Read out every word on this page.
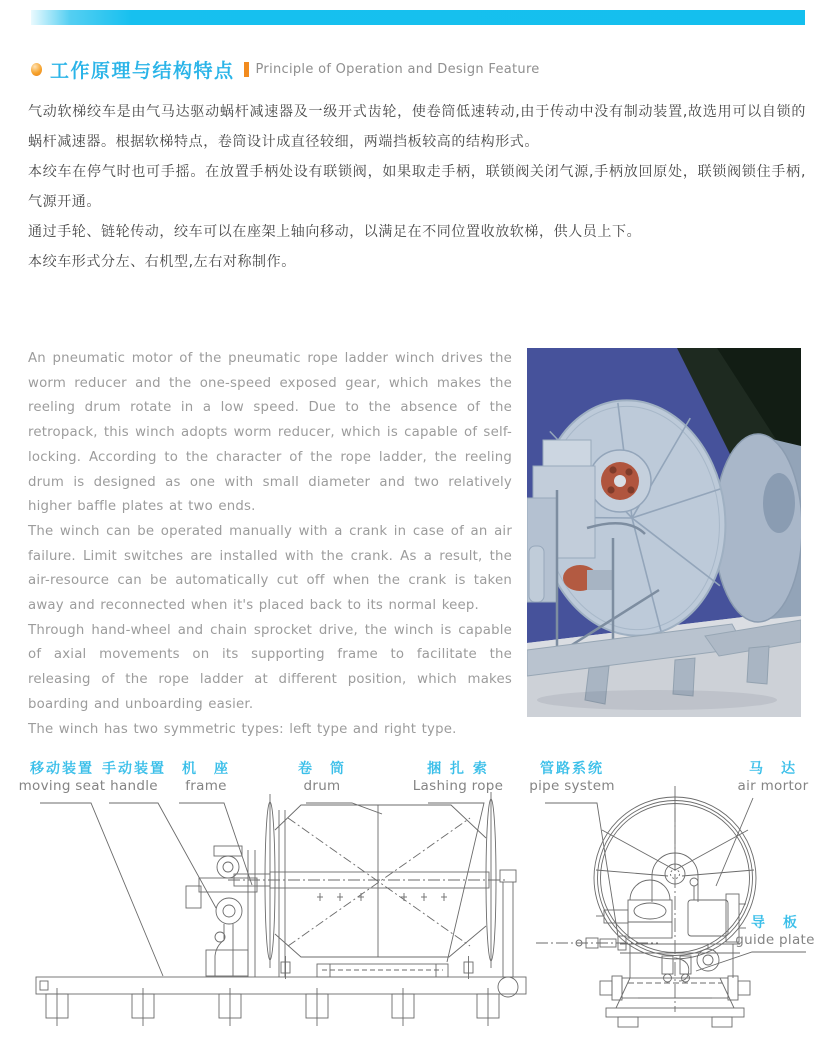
工作原理与结构特点 Principle of Operation and Design Feature

气动软梯绞车是由气马达驱动蜗杆减速器及一级开式齿轮，使卷筒低速转动,由于传动中没有制动装置,故选用可以自锁的蜗杆减速器。根据软梯特点，卷筒设计成直径较细，两端挡板较高的结构形式。

本绞车在停气时也可手摇。在放置手柄处设有联锁阀，如果取走手柄，联锁阀关闭气源,手柄放回原处，联锁阀锁住手柄,气源开通。

通过手轮、链轮传动，绞车可以在座架上轴向移动，以满足在不同位置收放软梯，供人员上下。

本绞车形式分左、右机型,左右对称制作。

An pneumatic motor of the pneumatic rope ladder winch drives the worm reducer and the one-speed exposed gear, which makes the reeling drum rotate in a low speed. Due to the absence of the retropack, this winch adopts worm reducer, which is capable of self-locking. According to the character of the rope ladder, the reeling drum is designed as one with small diameter and two relatively higher baffle plates at two ends.

The winch can be operated manually with a crank in case of an air failure. Limit switches are installed with the crank. As a result, the air-resource can be automatically cut off when the crank is taken away and reconnected when it's placed back to its normal keep.

Through hand-wheel and chain sprocket drive, the winch is capable of axial movements on its supporting frame to facilitate the releasing of the rope ladder at different position, which makes boarding and unboarding easier.

The winch has two symmetric types: left type and right type.

移动装置
moving seat
手动装置
handle
机　座
frame
卷　筒
drum
捆 扎 索
Lashing rope
管路系统
pipe system
马　达
air mortor
导　板
guide plate
